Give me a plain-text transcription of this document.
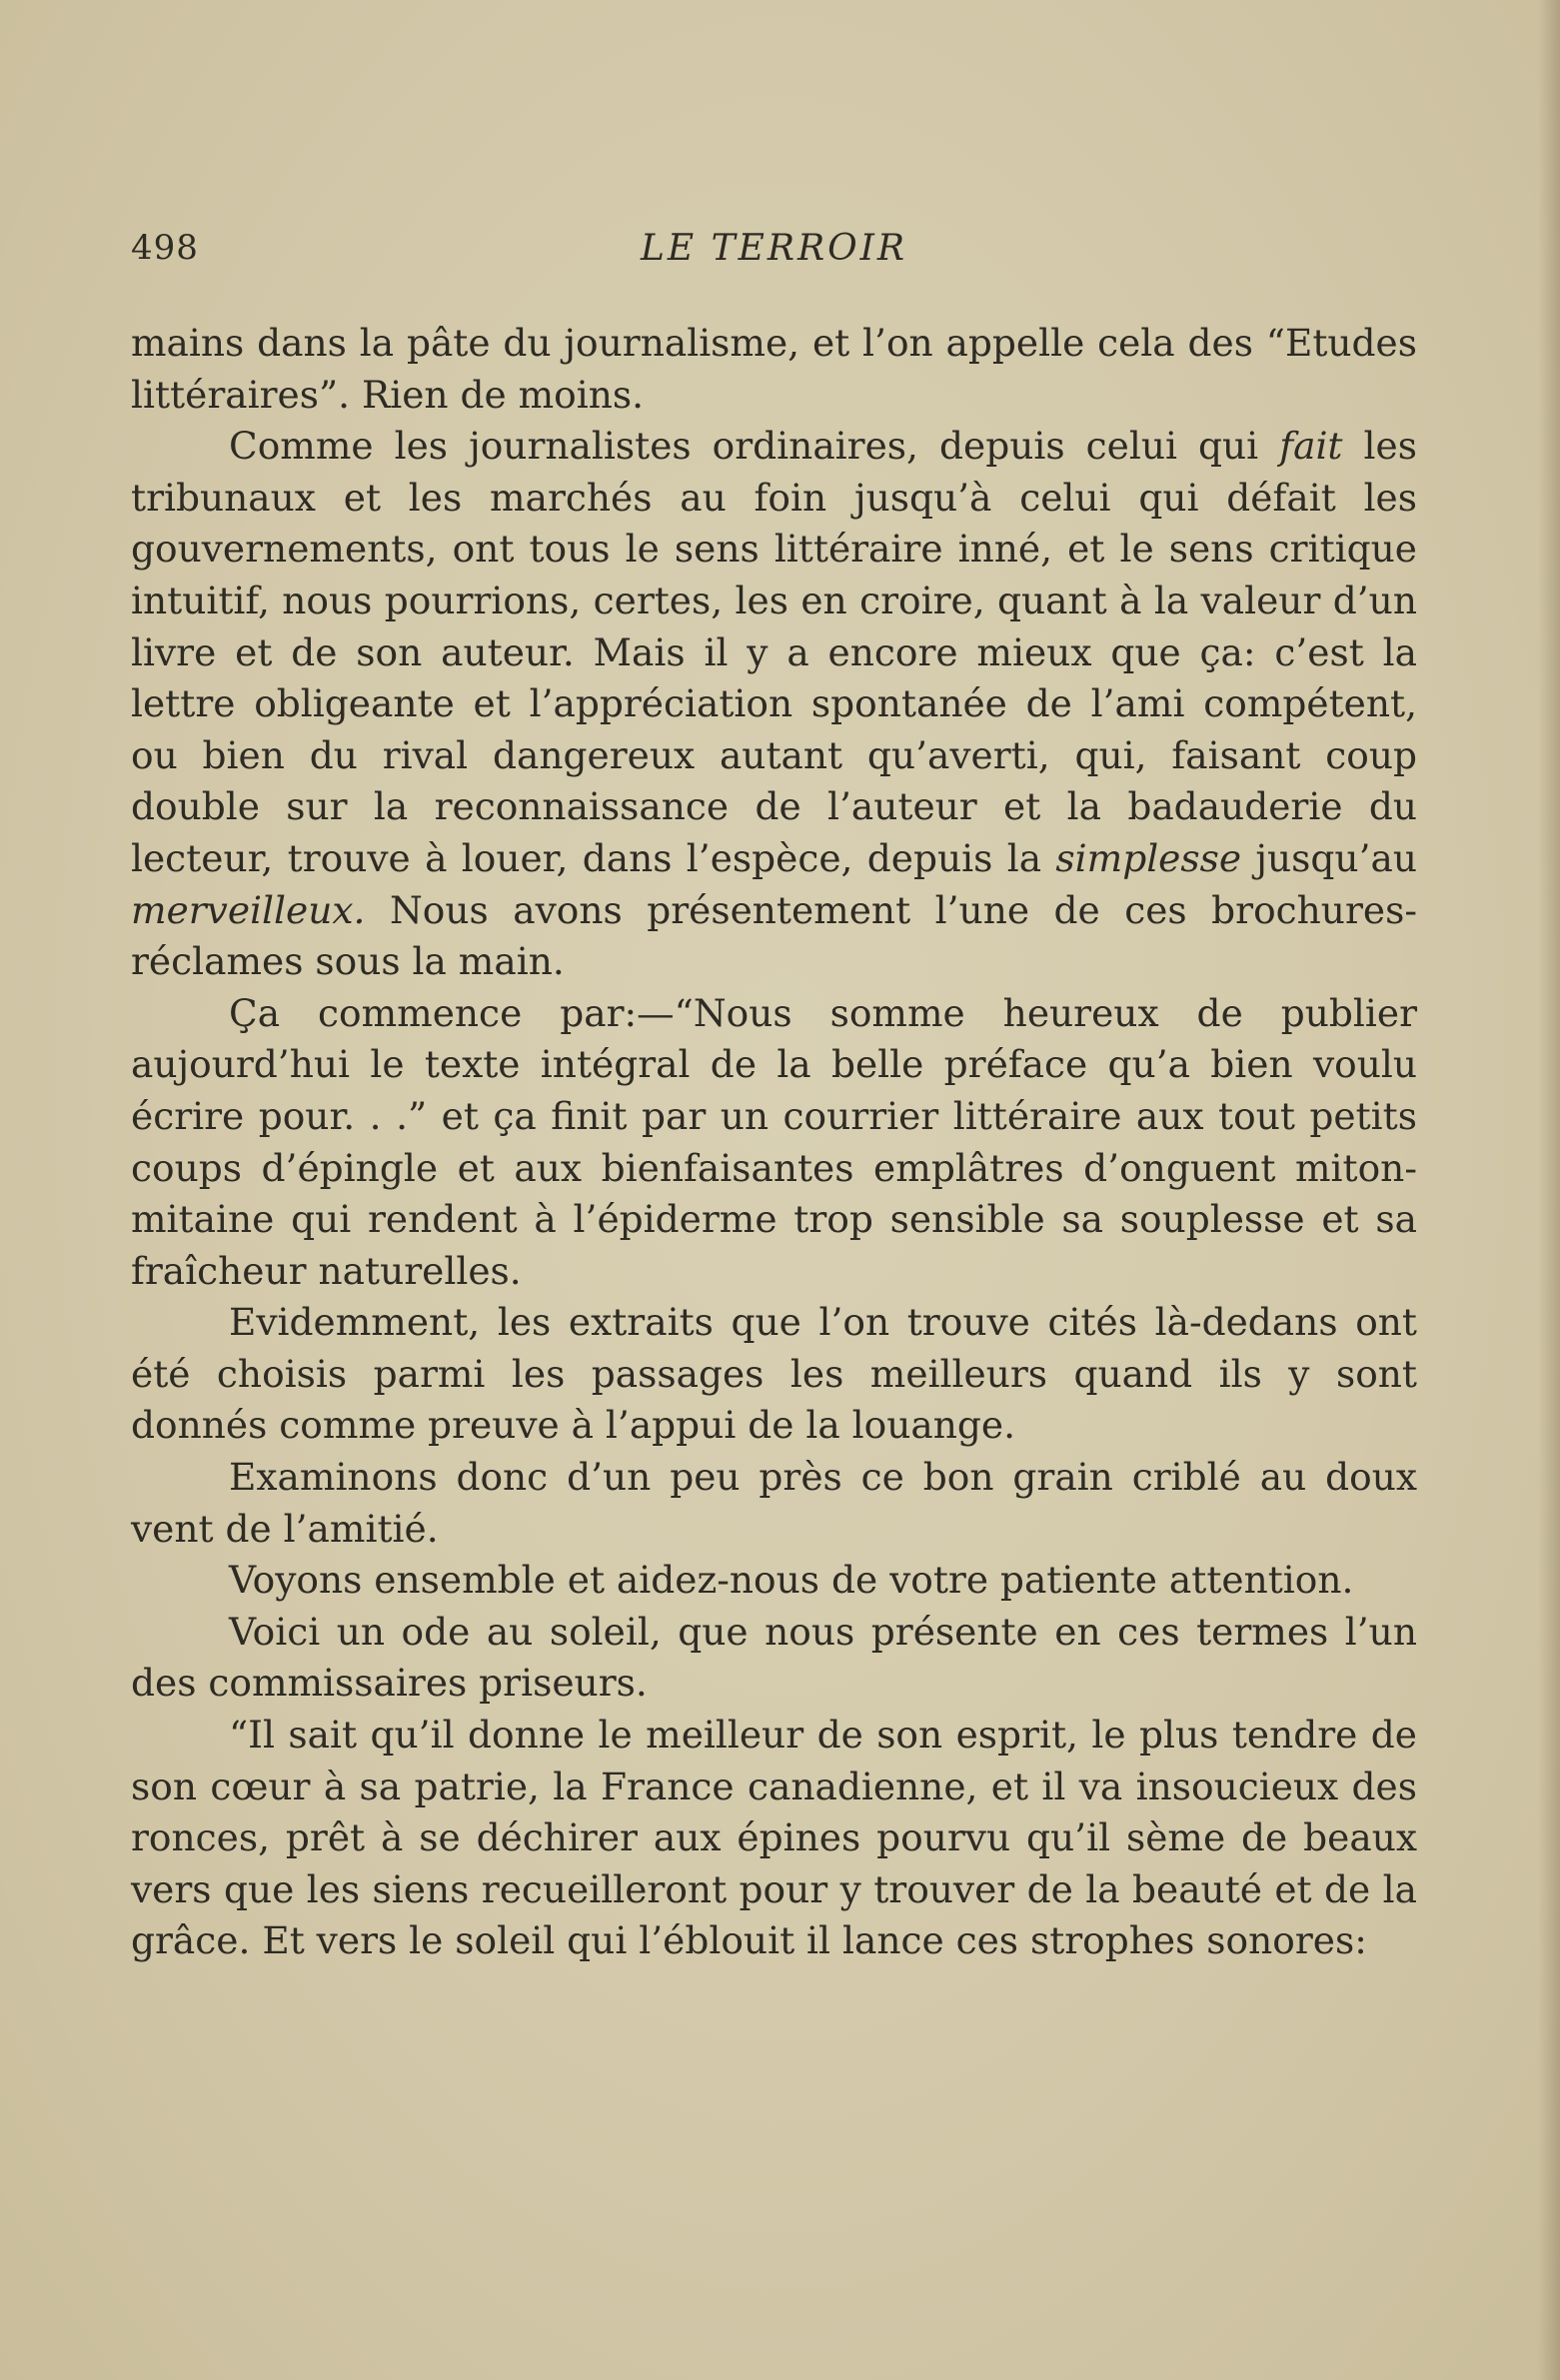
498	LE TERROIR

mains dans la pâte du journalisme, et l’on appelle cela des “Etudes littéraires”. Rien de moins.

Comme les journalistes ordinaires, depuis celui qui fait les tribunaux et les marchés au foin jusqu’à celui qui défait les gouvernements, ont tous le sens littéraire inné, et le sens critique intuitif, nous pourrions, certes, les en croire, quant à la valeur d’un livre et de son auteur. Mais il y a encore mieux que ça: c’est la lettre obligeante et l’appréciation spontanée de l’ami compétent, ou bien du rival dangereux autant qu’averti, qui, faisant coup double sur la reconnaissance de l’auteur et la badauderie du lecteur, trouve à louer, dans l’espèce, depuis la simplesse jusqu’au merveilleux. Nous avons présentement l’une de ces brochures-réclames sous la main.

Ça commence par:—“Nous somme heureux de publier aujourd’hui le texte intégral de la belle préface qu’a bien voulu écrire pour. . .” et ça finit par un courrier littéraire aux tout petits coups d’épingle et aux bienfaisantes emplâtres d’onguent miton-mitaine qui rendent à l’épiderme trop sensible sa souplesse et sa fraîcheur naturelles.

Evidemment, les extraits que l’on trouve cités là-dedans ont été choisis parmi les passages les meilleurs quand ils y sont donnés comme preuve à l’appui de la louange.

Examinons donc d’un peu près ce bon grain criblé au doux vent de l’amitié.

Voyons ensemble et aidez-nous de votre patiente attention.

Voici un ode au soleil, que nous présente en ces termes l’un des commissaires priseurs.

“Il sait qu’il donne le meilleur de son esprit, le plus tendre de son cœur à sa patrie, la France canadienne, et il va insoucieux des ronces, prêt à se déchirer aux épines pourvu qu’il sème de beaux vers que les siens recueilleront pour y trouver de la beauté et de la grâce. Et vers le soleil qui l’éblouit il lance ces strophes sonores:
